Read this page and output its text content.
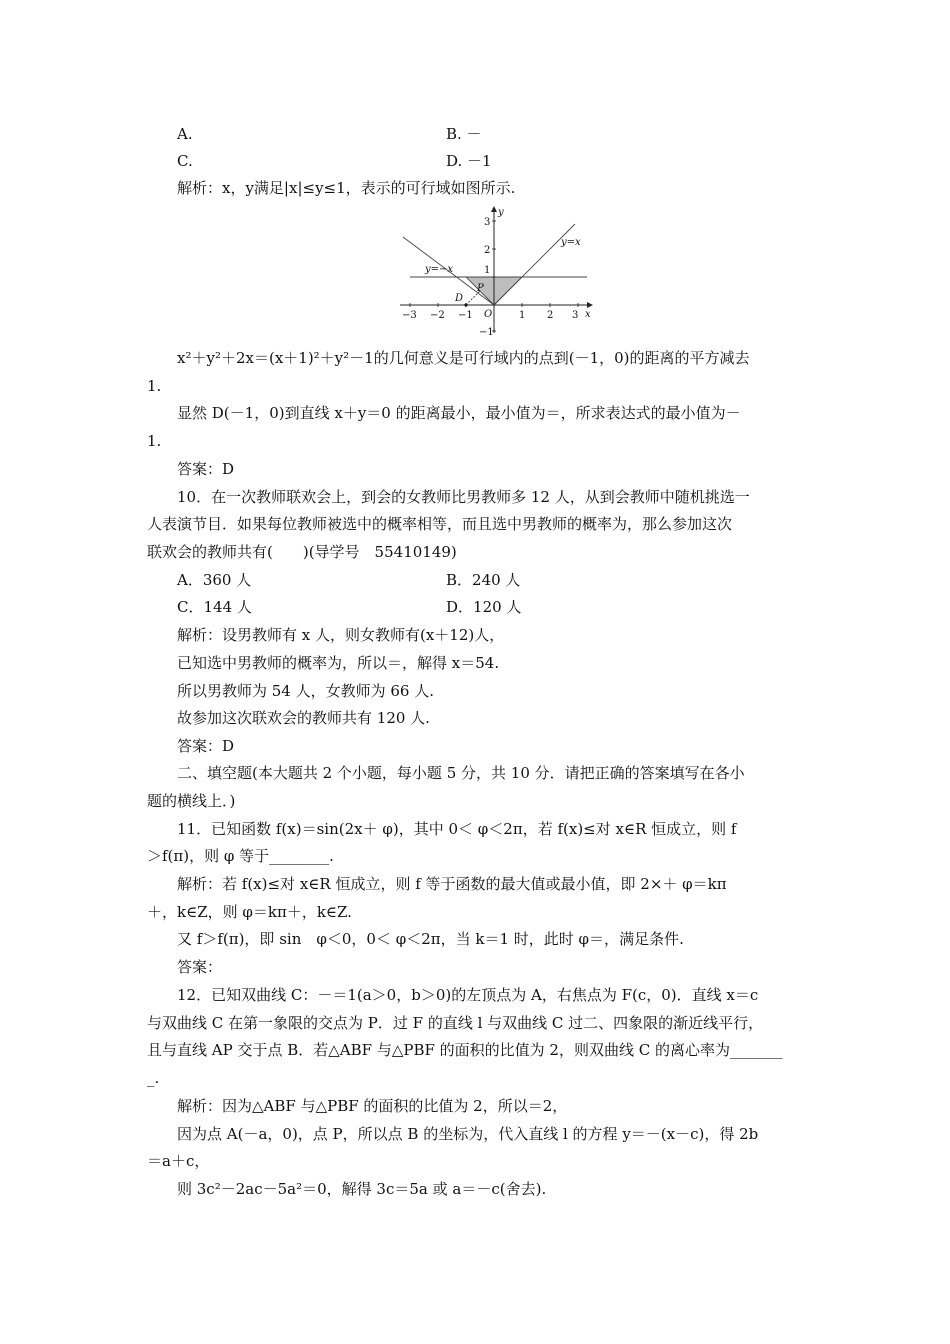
A.	B. －
C.	D. －1
解析：x，y满足|x|≤y≤1，表示的可行域如图所示.
y
x
y=x
y=−x
P
D
O
3
2
1
−1
−3 −2 −1	1 2 3
x²＋y²＋2x＝(x＋1)²＋y²－1的几何意义是可行域内的点到(－1，0)的距离的平方减去
1.
显然 D(－1，0)到直线 x＋y＝0 的距离最小，最小值为＝，所求表达式的最小值为－
1.
答案：D
10．在一次教师联欢会上，到会的女教师比男教师多 12 人，从到会教师中随机挑选一
人表演节目．如果每位教师被选中的概率相等，而且选中男教师的概率为，那么参加这次
联欢会的教师共有(　　)(导学号　55410149)
A．360 人	B．240 人
C．144 人	D．120 人
解析：设男教师有 x 人，则女教师有(x＋12)人，
已知选中男教师的概率为，所以＝，解得 x＝54.
所以男教师为 54 人，女教师为 66 人.
故参加这次联欢会的教师共有 120 人.
答案：D
二、填空题(本大题共 2 个小题，每小题 5 分，共 10 分．请把正确的答案填写在各小
题的横线上．)
11．已知函数 f(x)＝sin(2x＋ φ)，其中 0＜ φ＜2π，若 f(x)≤对 x∈R 恒成立，则 f
＞f(π)，则 φ 等于________.
解析：若 f(x)≤对 x∈R 恒成立，则 f 等于函数的最大值或最小值，即 2×＋ φ＝kπ
＋，k∈Z，则 φ＝kπ＋，k∈Z.
又 f＞f(π)，即 sin　φ＜0，0＜ φ＜2π，当 k＝1 时，此时 φ＝，满足条件.
答案：
12．已知双曲线 C：－＝1(a＞0，b＞0)的左顶点为 A，右焦点为 F(c，0)．直线 x＝c
与双曲线 C 在第一象限的交点为 P．过 F 的直线 l 与双曲线 C 过二、四象限的渐近线平行，
且与直线 AP 交于点 B．若△ABF 与△PBF 的面积的比值为 2，则双曲线 C 的离心率为_______
_.
解析：因为△ABF 与△PBF 的面积的比值为 2，所以＝2，
因为点 A(－a，0)，点 P，所以点 B 的坐标为，代入直线 l 的方程 y＝－(x－c)，得 2b
＝a＋c，
则 3c²－2ac－5a²＝0，解得 3c＝5a 或 a＝－c(舍去).
